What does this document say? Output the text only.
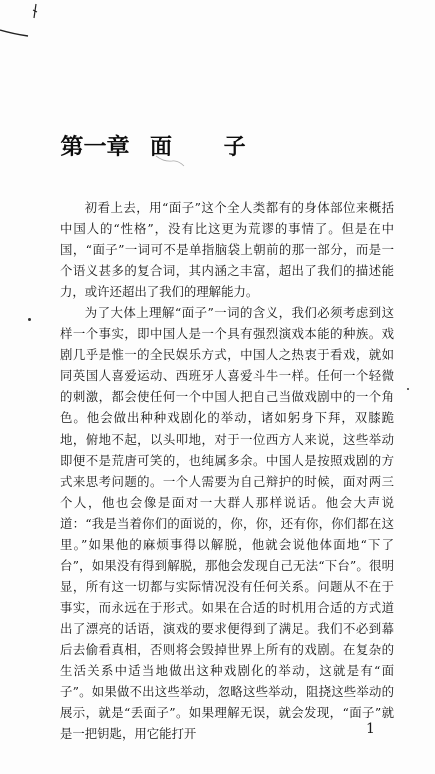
第一章 面 子

初看上去，用“面子”这个全人类都有的身体部位来概括中国人的“性格”，没有比这更为荒谬的事情了。但是在中国，“面子”一词可不是单指脑袋上朝前的那一部分，而是一个语义甚多的复合词，其内涵之丰富，超出了我们的描述能力，或许还超出了我们的理解能力。

为了大体上理解“面子”一词的含义，我们必须考虑到这样一个事实，即中国人是一个具有强烈演戏本能的种族。戏剧几乎是惟一的全民娱乐方式，中国人之热衷于看戏，就如同英国人喜爱运动、西班牙人喜爱斗牛一样。任何一个轻微的刺激，都会使任何一个中国人把自己当做戏剧中的一个角色。他会做出种种戏剧化的举动，诸如躬身下拜，双膝跪地，俯地不起，以头叩地，对于一位西方人来说，这些举动即便不是荒唐可笑的，也纯属多余。中国人是按照戏剧的方式来思考问题的。一个人需要为自己辩护的时候，面对两三个人，他也会像是面对一大群人那样说话。他会大声说道：“我是当着你们的面说的，你，你，还有你，你们都在这里。”如果他的麻烦事得以解脱，他就会说他体面地“下了台”，如果没有得到解脱，那他会发现自己无法“下台”。很明显，所有这一切都与实际情况没有任何关系。问题从不在于事实，而永远在于形式。如果在合适的时机用合适的方式道出了漂亮的话语，演戏的要求便得到了满足。我们不必到幕后去偷看真相，否则将会毁掉世界上所有的戏剧。在复杂的生活关系中适当地做出这种戏剧化的举动，这就是有“面子”。如果做不出这些举动，忽略这些举动，阻挠这些举动的展示，就是“丢面子”。如果理解无误，就会发现，“面子”就是一把钥匙，用它能打开	1
